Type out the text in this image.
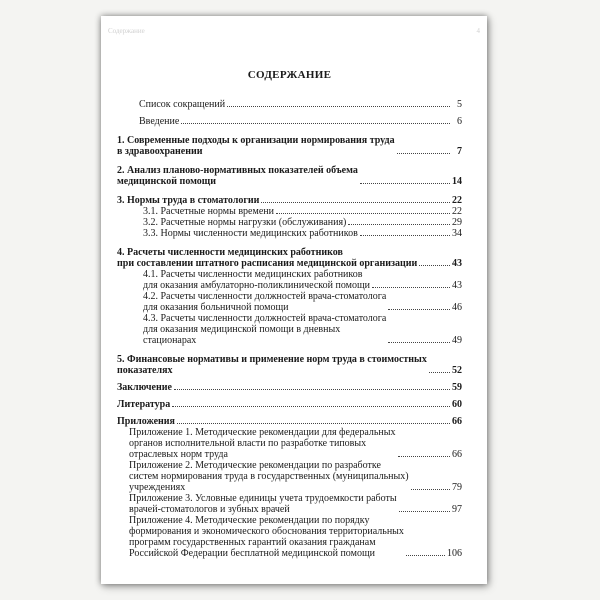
Содержание	4
СОДЕРЖАНИЕ
Список сокращений	5
Введение	6
1. Современные подходы к организации нормирования труда
в здравоохранении	7
2. Анализ планово-нормативных показателей объема
медицинской помощи	14
3. Нормы труда в стоматологии	22
3.1. Расчетные нормы времени	22
3.2. Расчетные нормы нагрузки (обслуживания)	29
3.3. Нормы численности медицинских работников	34
4. Расчеты численности медицинских работников
при составлении штатного расписания медицинской организации	43
4.1. Расчеты численности медицинских работников
для оказания амбулаторно-поликлинической помощи	43
4.2. Расчеты численности должностей врача-стоматолога
для оказания больничной помощи	46
4.3. Расчеты численности должностей врача-стоматолога
для оказания медицинской помощи в дневных
стационарах	49
5. Финансовые нормативы и применение норм труда в стоимостных
показателях	52
Заключение	59
Литература	60
Приложения	66
Приложение 1. Методические рекомендации для федеральных
органов исполнительной власти по разработке типовых
отраслевых норм труда	66
Приложение 2. Методические рекомендации по разработке
систем нормирования труда в государственных (муниципальных)
учреждениях	79
Приложение 3. Условные единицы учета трудоемкости работы
врачей-стоматологов и зубных врачей	97
Приложение 4. Методические рекомендации по порядку
формирования и экономического обоснования территориальных
программ государственных гарантий оказания гражданам
Российской Федерации бесплатной медицинской помощи	106
